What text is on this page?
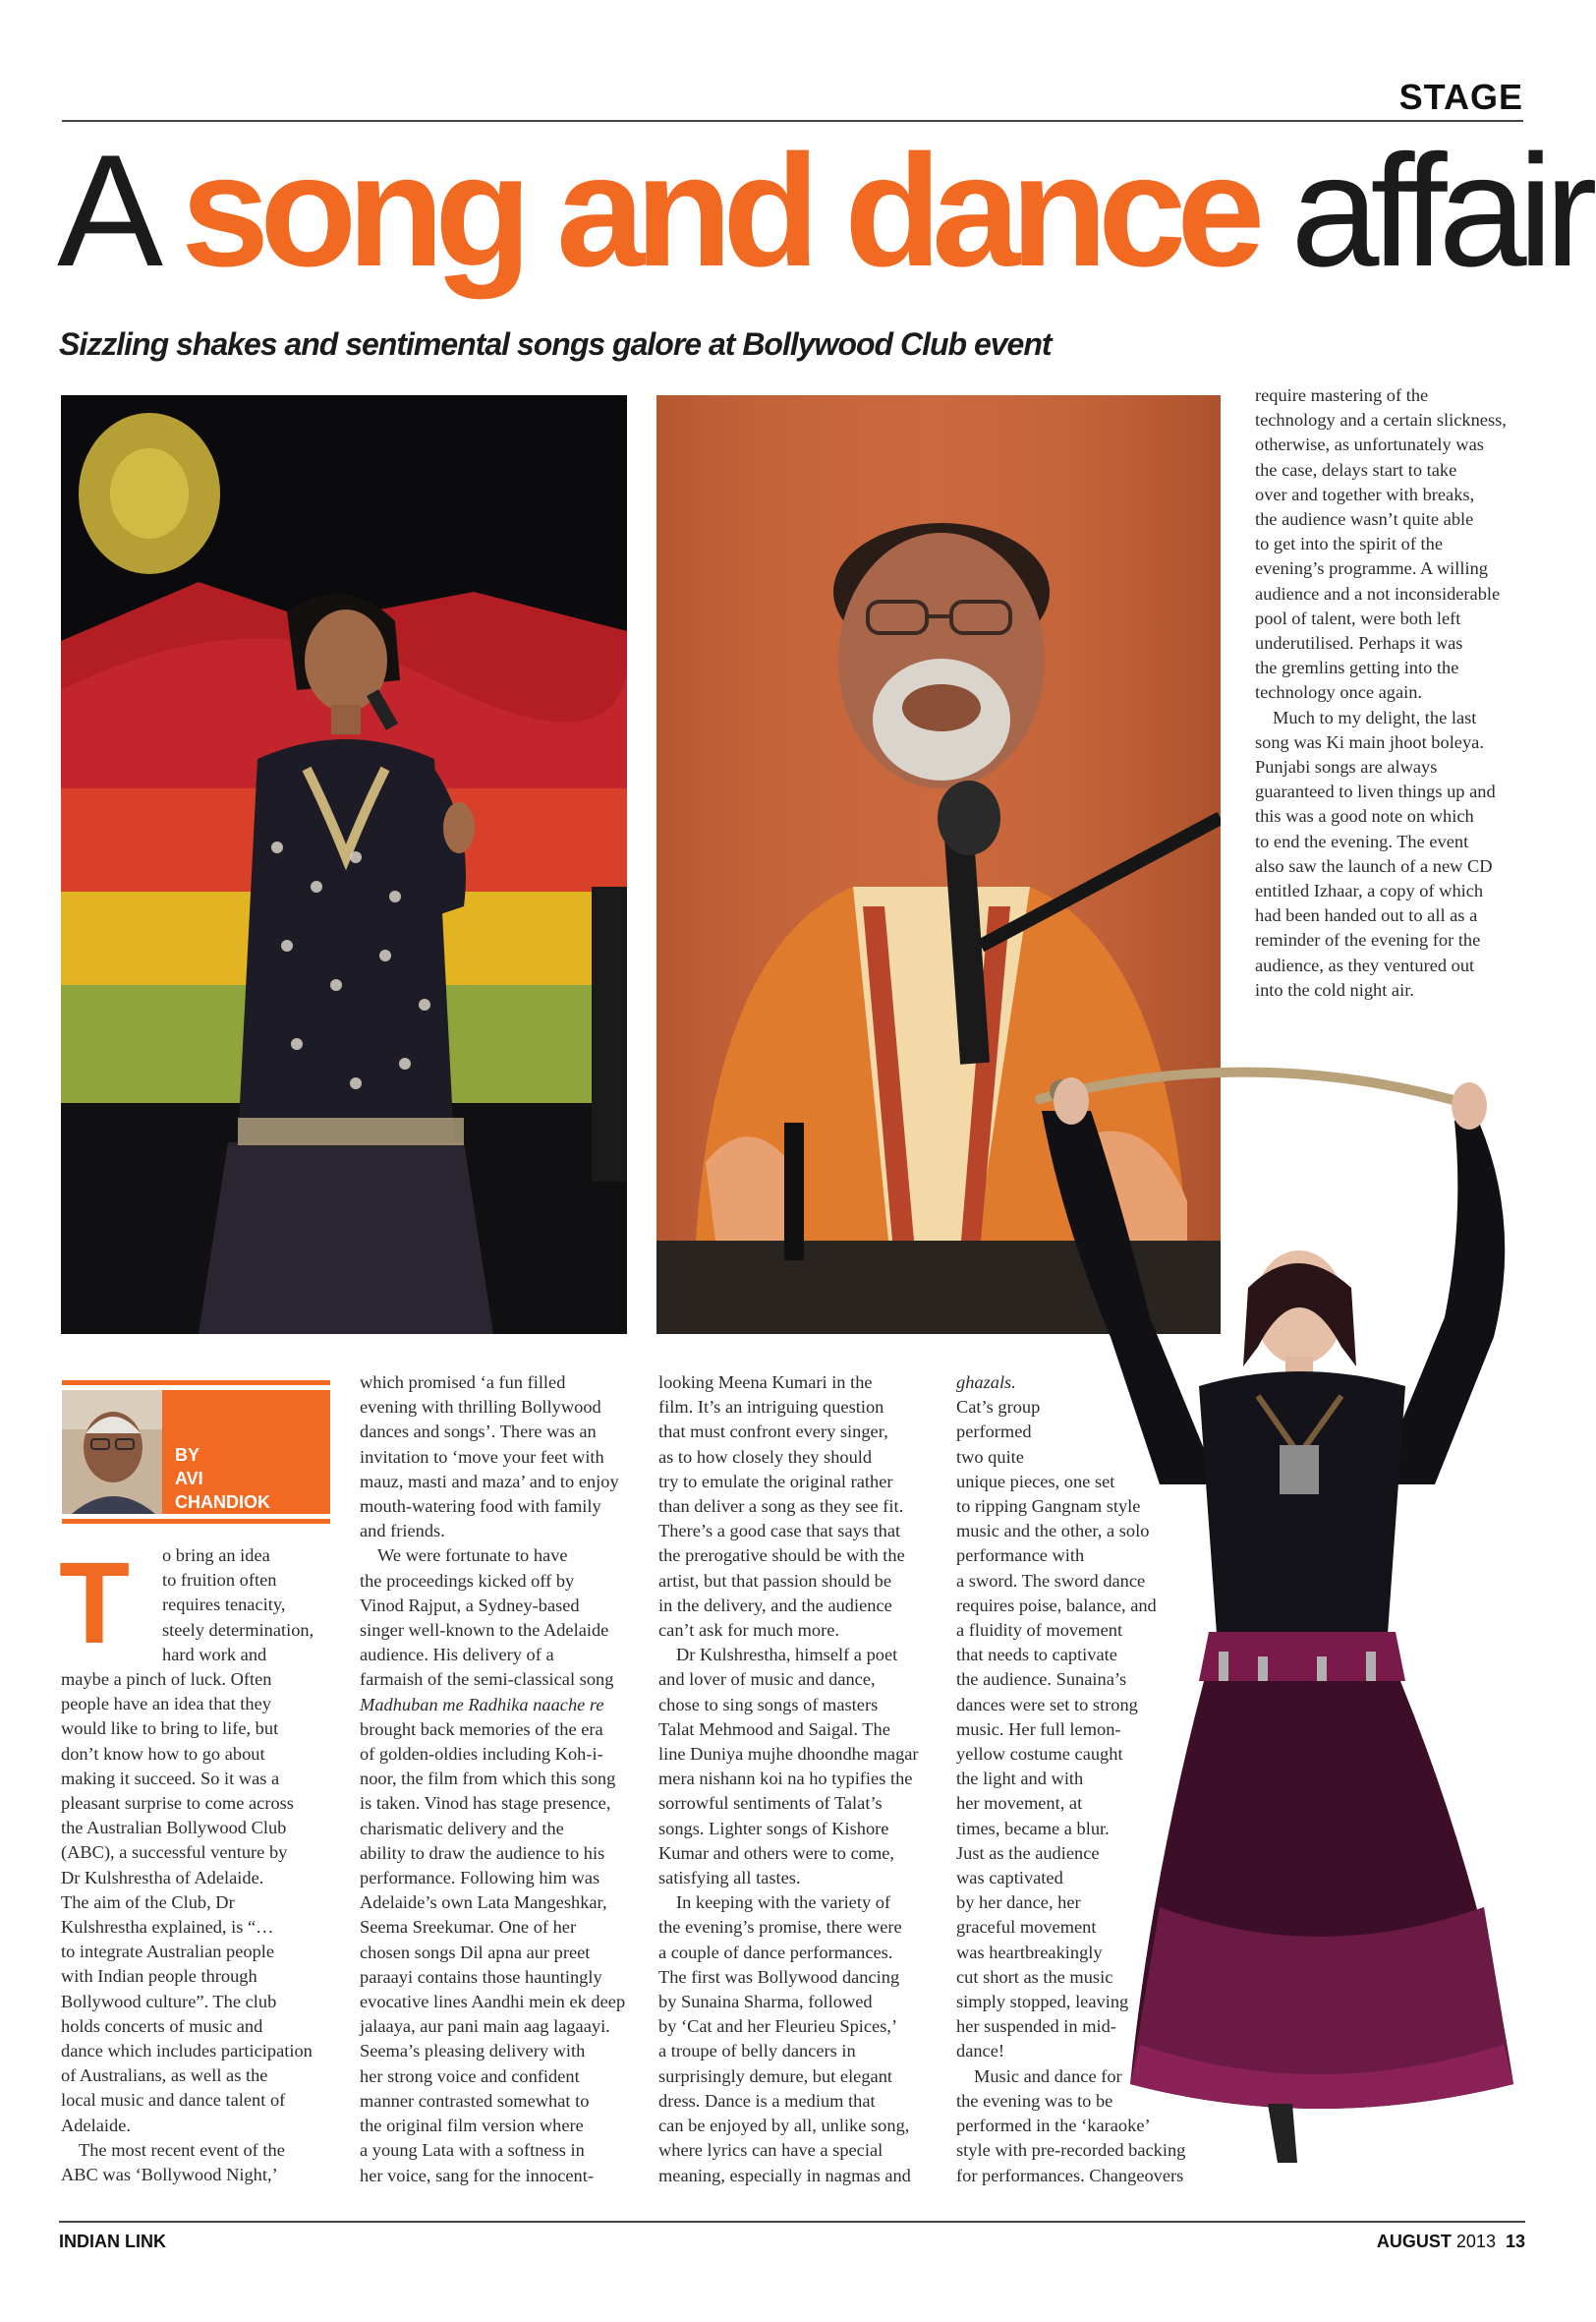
STAGE
A song and dance affair
Sizzling shakes and sentimental songs galore at Bollywood Club event
BY
AVI
CHANDIOK
T o bring an idea

to fruition often

requires tenacity,

steely determination,

hard work and

maybe a pinch of luck. Often

people have an idea that they

would like to bring to life, but

don’t know how to go about

making it succeed. So it was a

pleasant surprise to come across

the Australian Bollywood Club

(ABC), a successful venture by

Dr Kulshrestha of Adelaide.

The aim of the Club, Dr

Kulshrestha explained, is “…

to integrate Australian people

with Indian people through

Bollywood culture”. The club

holds concerts of music and

dance which includes participation

of Australians, as well as the

local music and dance talent of

Adelaide.

The most recent event of the

ABC was ‘Bollywood Night,’

which promised ‘a fun filled

evening with thrilling Bollywood

dances and songs’. There was an

invitation to ‘move your feet with

mauz, masti and maza’ and to enjoy

mouth-watering food with family

and friends.

We were fortunate to have

the proceedings kicked off by

Vinod Rajput, a Sydney-based

singer well-known to the Adelaide

audience. His delivery of a

farmaish of the semi-classical song

Madhuban me Radhika naache re

brought back memories of the era

of golden-oldies including Koh-i-

noor, the film from which this song

is taken. Vinod has stage presence,

charismatic delivery and the

ability to draw the audience to his

performance. Following him was

Adelaide’s own Lata Mangeshkar,

Seema Sreekumar. One of her

chosen songs Dil apna aur preet

paraayi contains those hauntingly

evocative lines Aandhi mein ek deep

jalaaya, aur pani main aag lagaayi.

Seema’s pleasing delivery with

her strong voice and confident

manner contrasted somewhat to

the original film version where

a young Lata with a softness in

her voice, sang for the innocent-

looking Meena Kumari in the

film. It’s an intriguing question

that must confront every singer,

as to how closely they should

try to emulate the original rather

than deliver a song as they see fit.

There’s a good case that says that

the prerogative should be with the

artist, but that passion should be

in the delivery, and the audience

can’t ask for much more.

Dr Kulshrestha, himself a poet

and lover of music and dance,

chose to sing songs of masters

Talat Mehmood and Saigal. The

line Duniya mujhe dhoondhe magar

mera nishann koi na ho typifies the

sorrowful sentiments of Talat’s

songs. Lighter songs of Kishore

Kumar and others were to come,

satisfying all tastes.

In keeping with the variety of

the evening’s promise, there were

a couple of dance performances.

The first was Bollywood dancing

by Sunaina Sharma, followed

by ‘Cat and her Fleurieu Spices,’

a troupe of belly dancers in

surprisingly demure, but elegant

dress. Dance is a medium that

can be enjoyed by all, unlike song,

where lyrics can have a special

meaning, especially in nagmas and

ghazals.

Cat’s group

performed

two quite

unique pieces, one set

to ripping Gangnam style

music and the other, a solo

performance with

a sword. The sword dance

requires poise, balance, and

a fluidity of movement

that needs to captivate

the audience. Sunaina’s

dances were set to strong

music. Her full lemon-

yellow costume caught

the light and with

her movement, at

times, became a blur.

Just as the audience

was captivated

by her dance, her

graceful movement

was heartbreakingly

cut short as the music

simply stopped, leaving

her suspended in mid-

dance!

Music and dance for

the evening was to be

performed in the ‘karaoke’

style with pre-recorded backing

for performances. Changeovers

require mastering of the

technology and a certain slickness,

otherwise, as unfortunately was

the case, delays start to take

over and together with breaks,

the audience wasn’t quite able

to get into the spirit of the

evening’s programme. A willing

audience and a not inconsiderable

pool of talent, were both left

underutilised. Perhaps it was

the gremlins getting into the

technology once again.

Much to my delight, the last

song was Ki main jhoot boleya.

Punjabi songs are always

guaranteed to liven things up and

this was a good note on which

to end the evening. The event

also saw the launch of a new CD

entitled Izhaar, a copy of which

had been handed out to all as a

reminder of the evening for the

audience, as they ventured out

into the cold night air.

INDIAN LINK	AUGUST 2013 13
